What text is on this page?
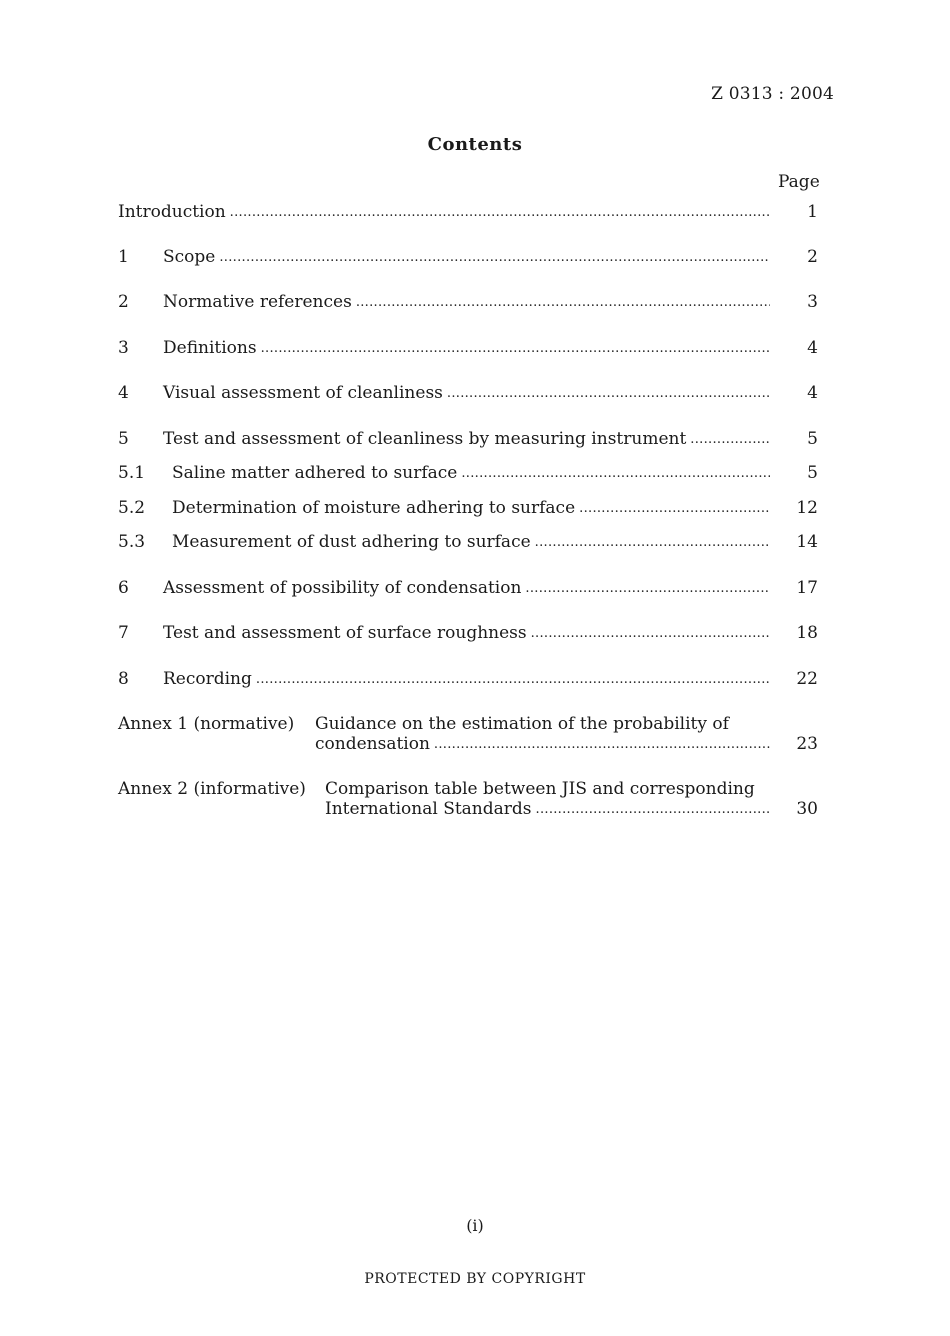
Z 0313 : 2004
Contents
Page
Introduction .....	1
1 Scope .....	2
2 Normative references .....	3
3 Definitions .....	4
4 Visual assessment of cleanliness .....	4
5 Test and assessment of cleanliness by measuring instrument .....	5
5.1 Saline matter adhered to surface .....	5
5.2 Determination of moisture adhering to surface .....	12
5.3 Measurement of dust adhering to surface .....	14
6 Assessment of possibility of condensation .....	17
7 Test and assessment of surface roughness .....	18
8 Recording .....	22
Annex 1 (normative) Guidance on the estimation of the probability of
condensation .....	23
Annex 2 (informative) Comparison table between JIS and corresponding
International Standards .....	30
(i)
PROTECTED BY COPYRIGHT
